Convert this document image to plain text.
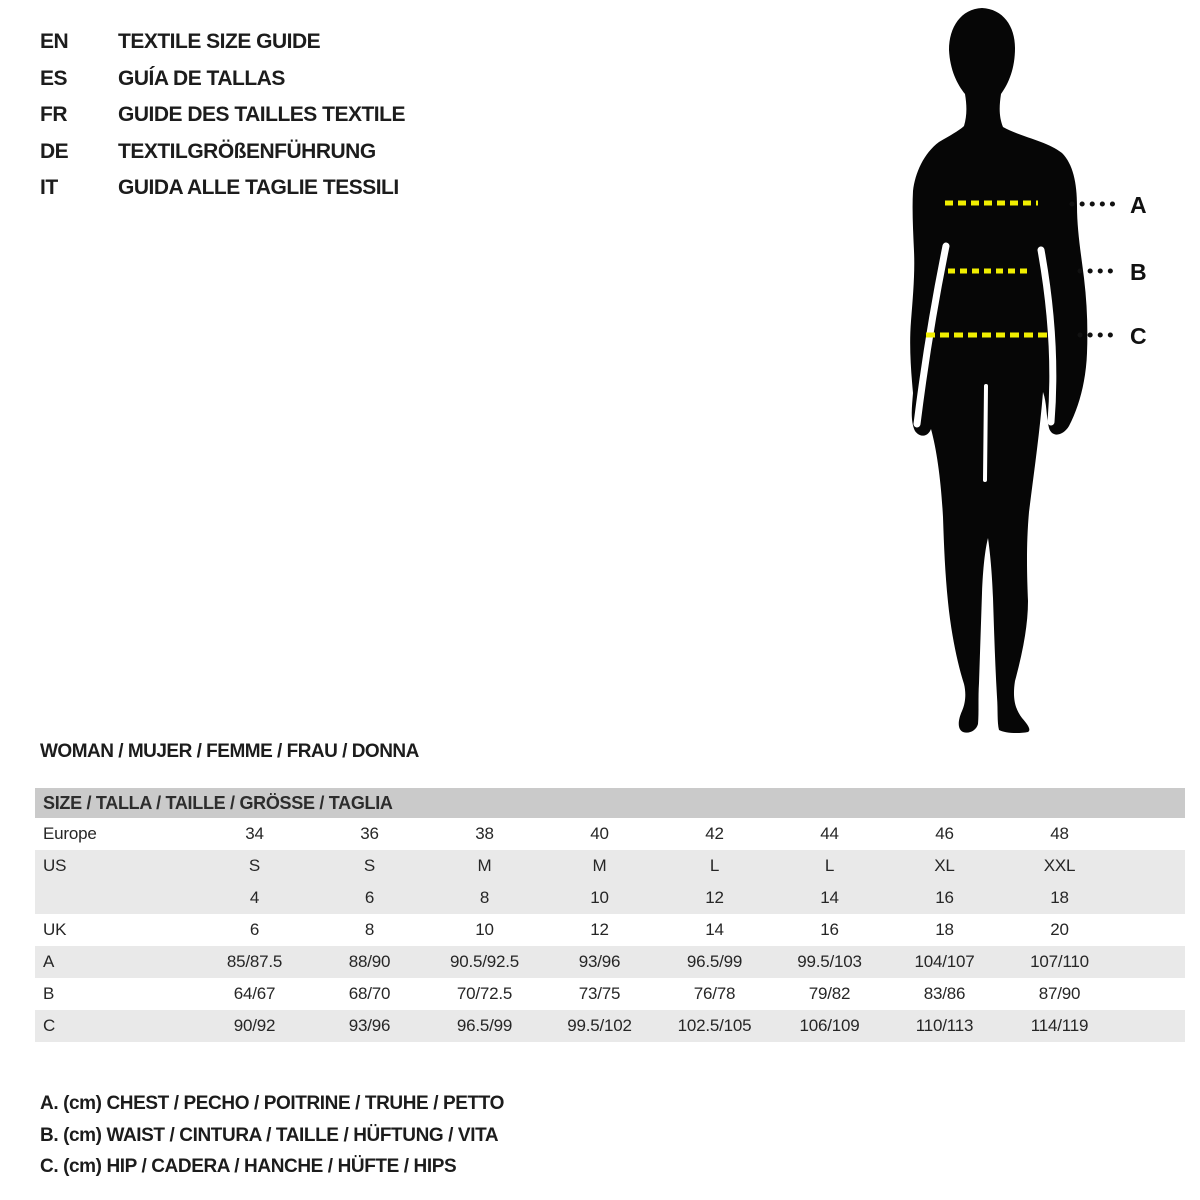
EN	TEXTILE SIZE GUIDE
ES	GUÍA DE TALLAS
FR	GUIDE DES TAILLES TEXTILE
DE	TEXTILGRÖßENFÜHRUNG
IT	GUIDA ALLE TAGLIE TESSILI
A
B
C
WOMAN / MUJER / FEMME / FRAU / DONNA
SIZE / TALLA / TAILLE / GRÖSSE / TAGLIA
Europe	34	36	38	40	42	44	46	48	
US	S	S	M	M	L	L	XL	XXL	
	4	6	8	10	12	14	16	18	
UK	6	8	10	12	14	16	18	20	
A	85/87.5	88/90	90.5/92.5	93/96	96.5/99	99.5/103	104/107	107/110	
B	64/67	68/70	70/72.5	73/75	76/78	79/82	83/86	87/90	
C	90/92	93/96	96.5/99	99.5/102	102.5/105	106/109	110/113	114/119	
A. (cm) CHEST / PECHO / POITRINE / TRUHE / PETTO
B. (cm) WAIST / CINTURA / TAILLE / HÜFTUNG / VITA
C. (cm) HIP / CADERA / HANCHE / HÜFTE / HIPS
